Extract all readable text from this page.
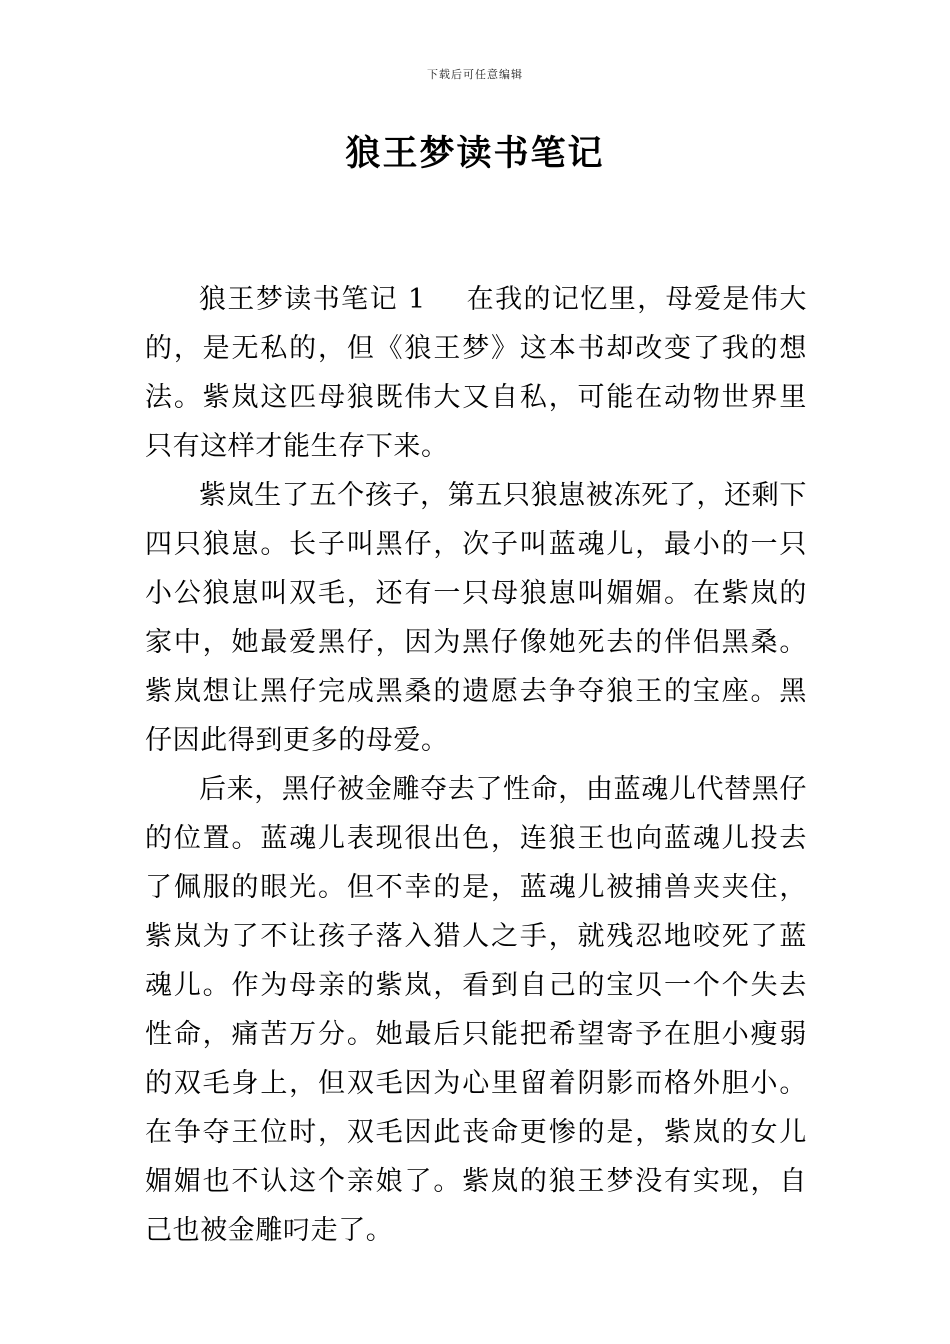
下载后可任意编辑
狼王梦读书笔记

狼王梦读书笔记 1 在我的记忆里，母爱是伟大的，是无私的，但《狼王梦》这本书却改变了我的想法。紫岚这匹母狼既伟大又自私，可能在动物世界里只有这样才能生存下来。

紫岚生了五个孩子，第五只狼崽被冻死了，还剩下四只狼崽。长子叫黑仔，次子叫蓝魂儿，最小的一只小公狼崽叫双毛，还有一只母狼崽叫媚媚。在紫岚的家中，她最爱黑仔，因为黑仔像她死去的伴侣黑桑。紫岚想让黑仔完成黑桑的遗愿去争夺狼王的宝座。黑仔因此得到更多的母爱。

后来，黑仔被金雕夺去了性命，由蓝魂儿代替黑仔的位置。蓝魂儿表现很出色，连狼王也向蓝魂儿投去了佩服的眼光。但不幸的是，蓝魂儿被捕兽夹夹住，紫岚为了不让孩子落入猎人之手，就残忍地咬死了蓝魂儿。作为母亲的紫岚，看到自己的宝贝一个个失去性命，痛苦万分。她最后只能把希望寄予在胆小瘦弱的双毛身上，但双毛因为心里留着阴影而格外胆小。在争夺王位时，双毛因此丧命更惨的是，紫岚的女儿媚媚也不认这个亲娘了。紫岚的狼王梦没有实现，自己也被金雕叼走了。
